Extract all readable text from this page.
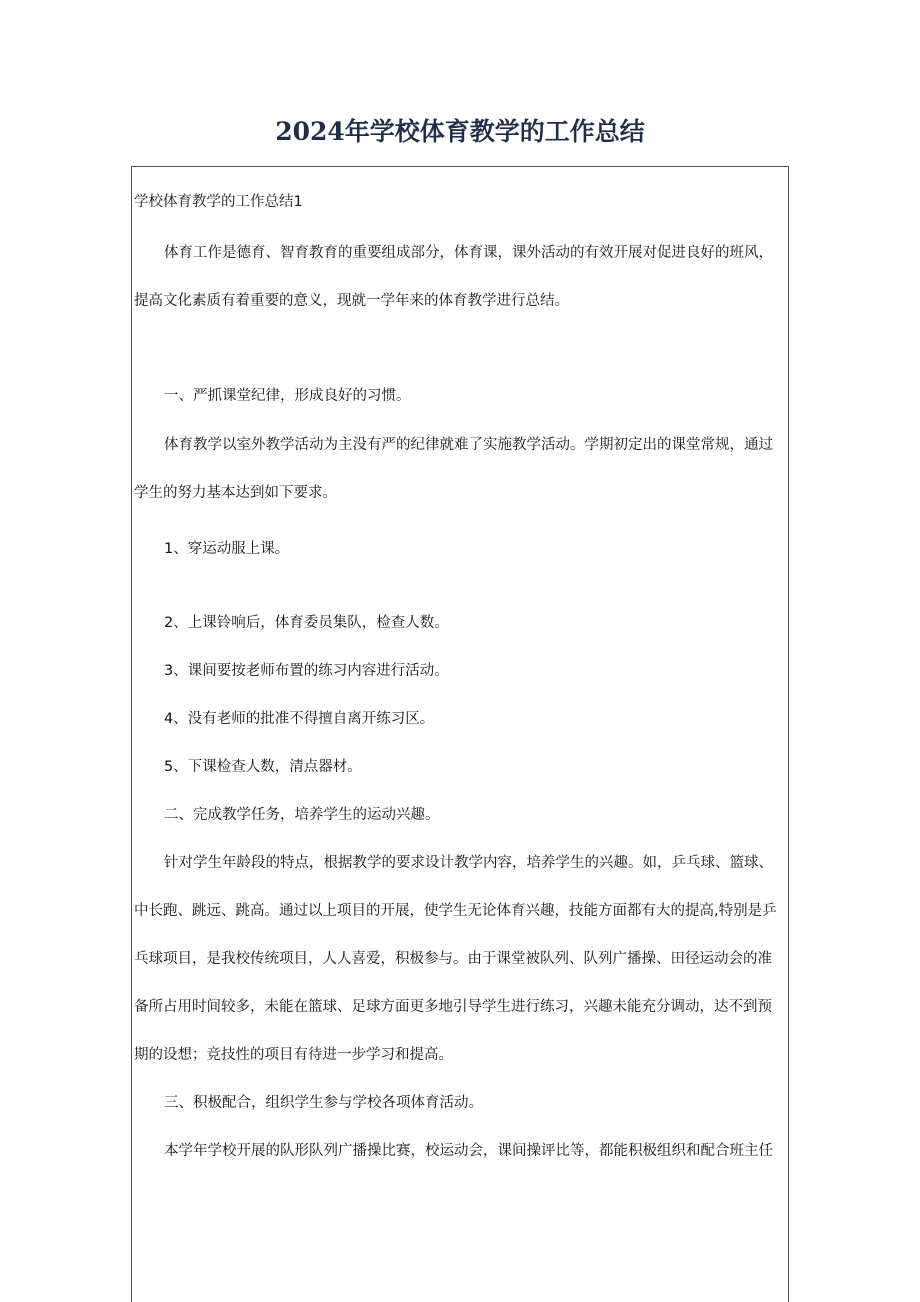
2024年学校体育教学的工作总结
学校体育教学的工作总结1
体育工作是德育、智育教育的重要组成部分，体育课，课外活动的有效开展对促进良好的班风，
提高文化素质有着重要的意义，现就一学年来的体育教学进行总结。
一、严抓课堂纪律，形成良好的习惯。
体育教学以室外教学活动为主没有严的纪律就难了实施教学活动。学期初定出的课堂常规，通过
学生的努力基本达到如下要求。
1、穿运动服上课。
2、上课铃响后，体育委员集队，检查人数。
3、课间要按老师布置的练习内容进行活动。
4、没有老师的批准不得擅自离开练习区。
5、下课检查人数，清点器材。
二、完成教学任务，培养学生的运动兴趣。
针对学生年龄段的特点，根据教学的要求设计教学内容，培养学生的兴趣。如，乒乓球、篮球、
中长跑、跳远、跳高。通过以上项目的开展，使学生无论体育兴趣，技能方面都有大的提高,特别是乒
乓球项目，是我校传统项目，人人喜爱，积极参与。由于课堂被队列、队列广播操、田径运动会的准
备所占用时间较多，未能在篮球、足球方面更多地引导学生进行练习，兴趣未能充分调动，达不到预
期的设想；竞技性的项目有待进一步学习和提高。
三、积极配合，组织学生参与学校各项体育活动。
本学年学校开展的队形队列广播操比赛，校运动会，课间操评比等，都能积极组织和配合班主任
